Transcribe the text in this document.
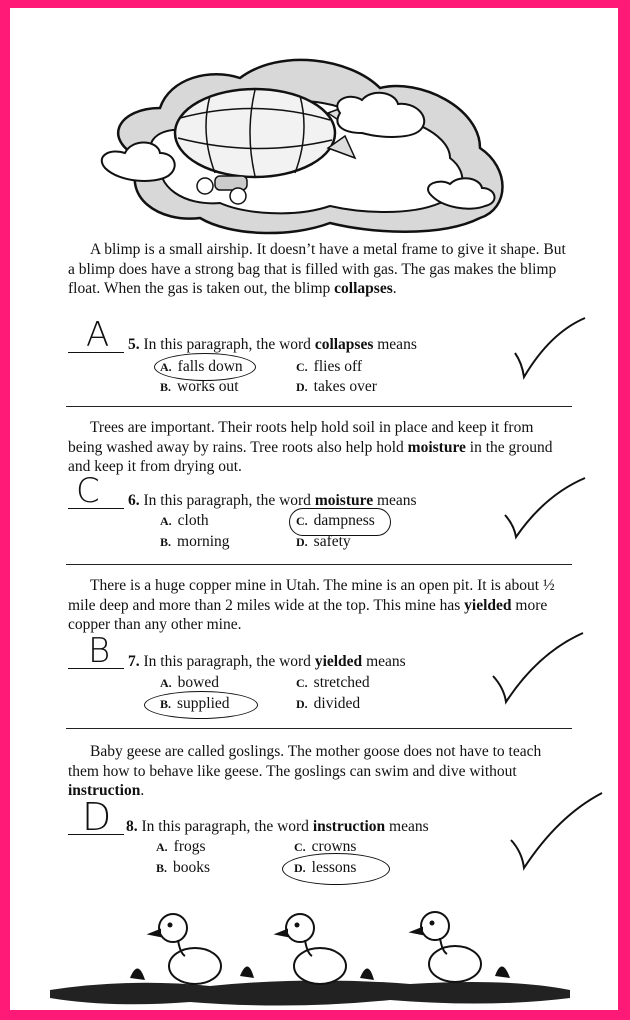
A blimp is a small airship. It doesn’t have a metal frame to give it shape. But a blimp does have a strong bag that is filled with gas. The gas makes the blimp float. When the gas is taken out, the blimp collapses.
A 5. In this paragraph, the word collapses means
A. falls down	C. flies off
B. works out	D. takes over
Trees are important. Their roots help hold soil in place and keep it from being washed away by rains. Tree roots also help hold moisture in the ground and keep it from drying out.
C 6. In this paragraph, the word moisture means
A. cloth	C. dampness
B. morning	D. safety
There is a huge copper mine in Utah. The mine is an open pit. It is about ½ mile deep and more than 2 miles wide at the top. This mine has yielded more copper than any other mine.
B 7. In this paragraph, the word yielded means
A. bowed	C. stretched
B. supplied	D. divided
Baby geese are called goslings. The mother goose does not have to teach them how to behave like geese. The goslings can swim and dive without instruction.
D 8. In this paragraph, the word instruction means
A. frogs	C. crowns
B. books	D. lessons
